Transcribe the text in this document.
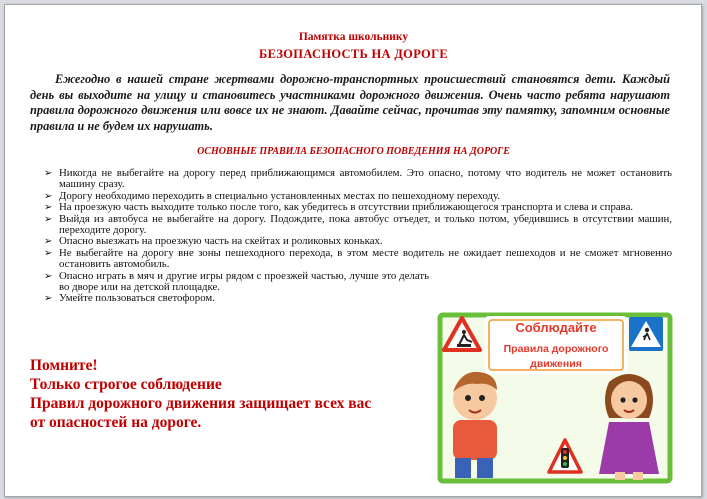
Памятка школьнику
БЕЗОПАСНОСТЬ НА ДОРОГЕ
Ежегодно в нашей стране жертвами дорожно-транспортных происшествий становятся дети. Каждый день вы выходите на улицу и становитесь участниками дорожного движения. Очень часто ребята нарушают правила дорожного движения или вовсе их не знают. Давайте сейчас, прочитав эту памятку, запомним основные правила и не будем их нарушать.
ОСНОВНЫЕ ПРАВИЛА БЕЗОПАСНОГО ПОВЕДЕНИЯ НА ДОРОГЕ
➢ Никогда не выбегайте на дорогу перед приближающимся автомобилем. Это опасно, потому что водитель не может остановить машину сразу.
➢ Дорогу необходимо переходить в специально установленных местах по пешеходному переходу.
➢ На проезжую часть выходите только после того, как убедитесь в отсутствии приближающегося транспорта и слева и справа.
➢ Выйдя из автобуса не выбегайте на дорогу. Подождите, пока автобус отъедет, и только потом, убедившись в отсутствии машин, переходите дорогу.
➢ Опасно выезжать на проезжую часть на скейтах и роликовых коньках.
➢ Не выбегайте на дорогу вне зоны пешеходного перехода, в этом месте водитель не ожидает пешеходов и не сможет мгновенно остановить автомобиль.
➢ Опасно играть в мяч и другие игры рядом с проезжей частью, лучше это делать во дворе или на детской площадке.
➢ Умейте пользоваться светофором.
Помните!
Только строгое соблюдение
Правил дорожного движения защищает всех вас
от опасностей на дороге.
Соблюдайте
Правила дорожного
движения
